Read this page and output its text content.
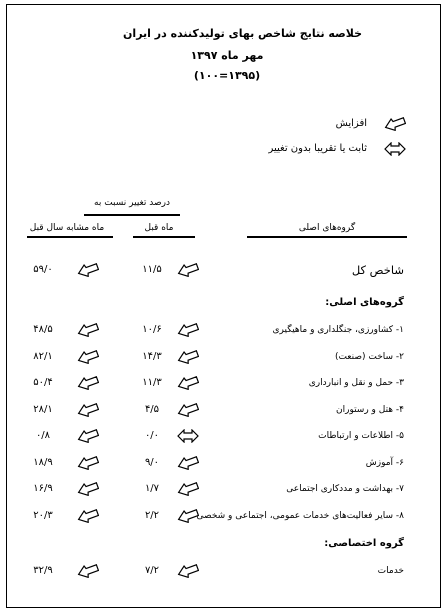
خلاصه نتایج شاخص بهای تولیدکننده در ایران
مهر ماه ۱۳۹۷
(۱۰۰=۱۳۹۵)
افزایش
ثابت یا تقریبا بدون تغییر
درصد تغییر نسبت به
ماه مشابه سال قبل	ماه قبل	گروه‌های اصلی
۵۹/۰	۱۱/۵	شاخص کل
گروه‌های اصلی:
۴۸/۵	۱۰/۶	۱- کشاورزی، جنگلداری و ماهیگیری
۸۲/۱	۱۴/۳	۲- ساخت (صنعت)
۵۰/۴	۱۱/۳	۳- حمل و نقل و انبارداری
۲۸/۱	۴/۵	۴- هتل و رستوران
۰/۸	۰/۰	۵- اطلاعات و ارتباطات
۱۸/۹	۹/۰	۶- آموزش
۱۶/۹	۱/۷	۷- بهداشت و مددکاری اجتماعی
۲۰/۳	۲/۲	۸- سایر فعالیت‌های خدمات عمومی، اجتماعی و شخصی
گروه اختصاصی:
۳۲/۹	۷/۲	خدمات
